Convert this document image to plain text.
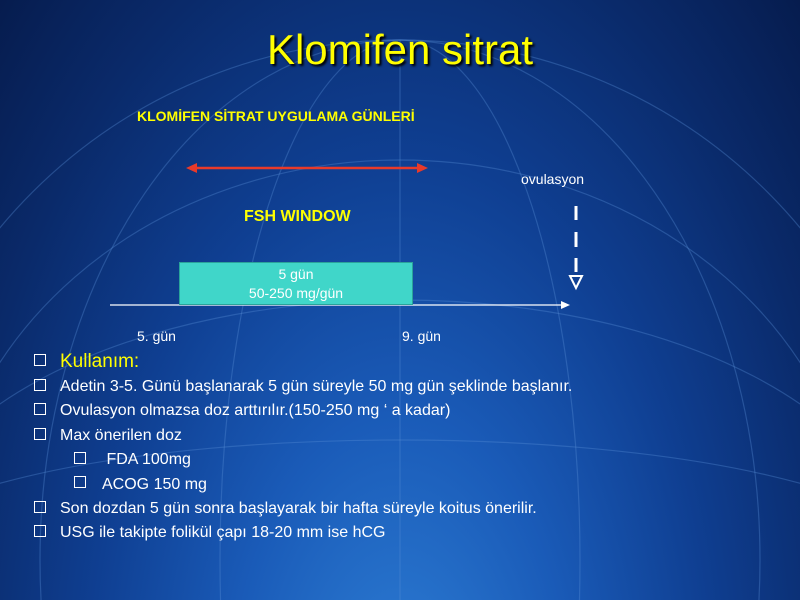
Klomifen sitrat
KLOMİFEN SİTRAT UYGULAMA GÜNLERİ
ovulasyon
FSH WINDOW
5 gün
50-250 mg/gün
5. gün	9. gün
Kullanım:
Adetin 3-5. Günü başlanarak 5 gün süreyle 50 mg gün şeklinde başlanır.
Ovulasyon olmazsa doz arttırılır.(150-250 mg ‘ a kadar)
Max önerilen doz
FDA 100mg
ACOG 150 mg
Son dozdan 5 gün sonra başlayarak bir hafta süreyle koitus önerilir.
USG ile takipte folikül çapı 18-20 mm ise hCG
